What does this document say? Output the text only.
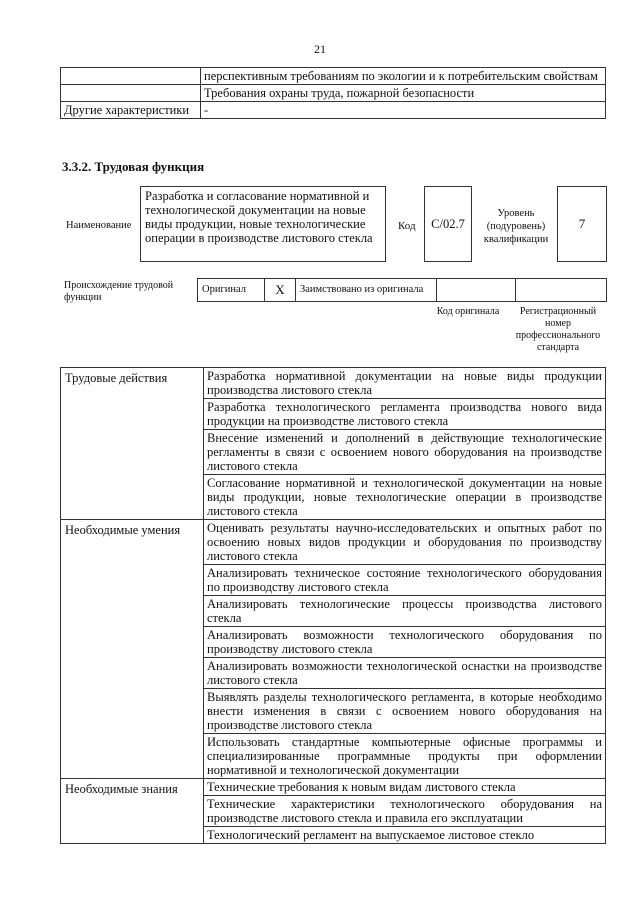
21
	перспективным требованиям по экологии и к потребительским свойствам
	Требования охраны труда, пожарной безопасности
Другие характеристики	-
3.3.2. Трудовая функция
Наименование
Разработка и согласование нормативной и технологической документации на новые виды продукции, новые технологические операции в производстве листового стекла
Код	С/02.7
Уровень (подуровень) квалификации
7
Происхождение трудовой функции
Оригинал	X	Заимствовано из оригинала		
Код оригинала	Регистрационный номер профессионального стандарта
Трудовые действия	Разработка нормативной документации на новые виды продукции производства листового стекла
	Разработка технологического регламента производства нового вида продукции на производстве листового стекла
	Внесение изменений и дополнений в действующие технологические регламенты в связи с освоением нового оборудования на производстве листового стекла
	Согласование нормативной и технологической документации на новые виды продукции, новые технологические операции в производстве листового стекла
Необходимые умения	Оценивать результаты научно-исследовательских и опытных работ по освоению новых видов продукции и оборудования по производству листового стекла
	Анализировать техническое состояние технологического оборудования по производству листового стекла
	Анализировать технологические процессы производства листового стекла
	Анализировать возможности технологического оборудования по производству листового стекла
	Анализировать возможности технологической оснастки на производстве листового стекла
	Выявлять разделы технологического регламента, в которые необходимо внести изменения в связи с освоением нового оборудования на производстве листового стекла
	Использовать стандартные компьютерные офисные программы и специализированные программные продукты при оформлении нормативной и технологической документации
Необходимые знания	Технические требования к новым видам листового стекла
	Технические характеристики технологического оборудования на производстве листового стекла и правила его эксплуатации
	Технологический регламент на выпускаемое листовое стекло
